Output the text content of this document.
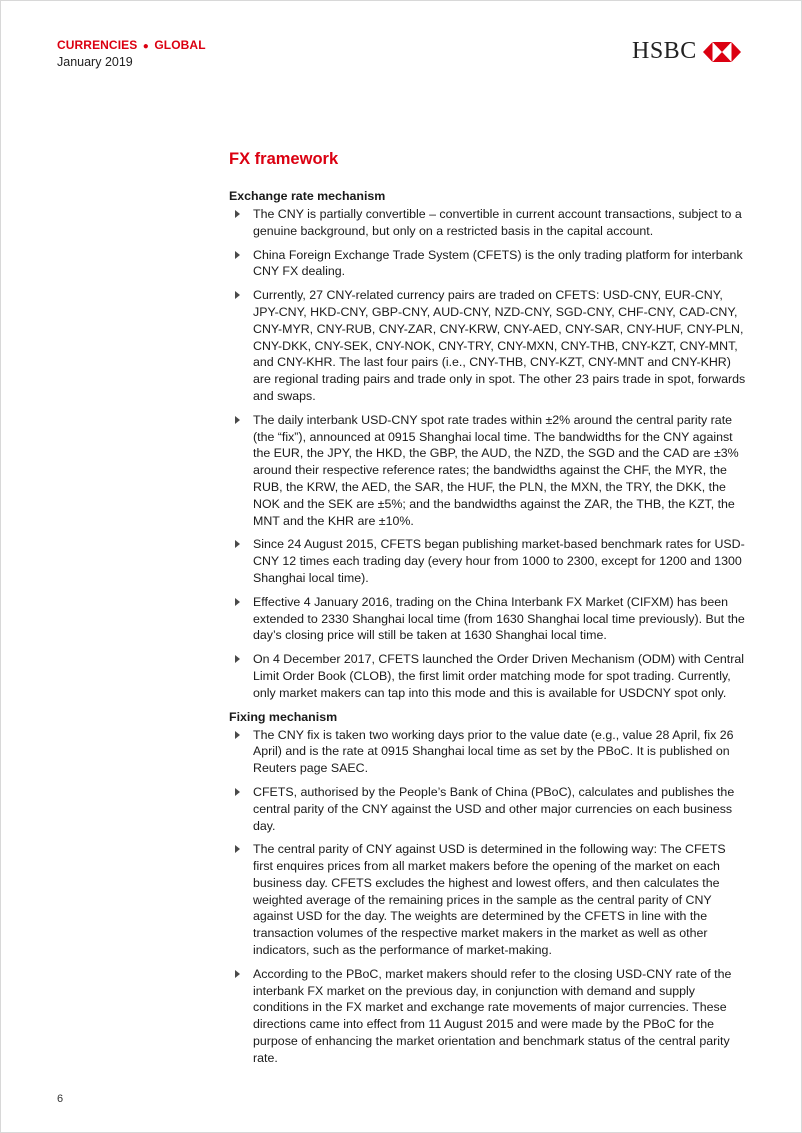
CURRENCIES ● GLOBAL
January 2019	HSBC
FX framework
Exchange rate mechanism
The CNY is partially convertible – convertible in current account transactions, subject to a genuine background, but only on a restricted basis in the capital account.
China Foreign Exchange Trade System (CFETS) is the only trading platform for interbank CNY FX dealing.
Currently, 27 CNY-related currency pairs are traded on CFETS: USD-CNY, EUR-CNY, JPY-CNY, HKD-CNY, GBP-CNY, AUD-CNY, NZD-CNY, SGD-CNY, CHF-CNY, CAD-CNY, CNY-MYR, CNY-RUB, CNY-ZAR, CNY-KRW, CNY-AED, CNY-SAR, CNY-HUF, CNY-PLN, CNY-DKK, CNY-SEK, CNY-NOK, CNY-TRY, CNY-MXN, CNY-THB, CNY-KZT, CNY-MNT, and CNY-KHR. The last four pairs (i.e., CNY-THB, CNY-KZT, CNY-MNT and CNY-KHR) are regional trading pairs and trade only in spot. The other 23 pairs trade in spot, forwards and swaps.
The daily interbank USD-CNY spot rate trades within ±2% around the central parity rate (the “fix”), announced at 0915 Shanghai local time. The bandwidths for the CNY against the EUR, the JPY, the HKD, the GBP, the AUD, the NZD, the SGD and the CAD are ±3% around their respective reference rates; the bandwidths against the CHF, the MYR, the RUB, the KRW, the AED, the SAR, the HUF, the PLN, the MXN, the TRY, the DKK, the NOK and the SEK are ±5%; and the bandwidths against the ZAR, the THB, the KZT, the MNT and the KHR are ±10%.
Since 24 August 2015, CFETS began publishing market-based benchmark rates for USD-CNY 12 times each trading day (every hour from 1000 to 2300, except for 1200 and 1300 Shanghai local time).
Effective 4 January 2016, trading on the China Interbank FX Market (CIFXM) has been extended to 2330 Shanghai local time (from 1630 Shanghai local time previously). But the day’s closing price will still be taken at 1630 Shanghai local time.
On 4 December 2017, CFETS launched the Order Driven Mechanism (ODM) with Central Limit Order Book (CLOB), the first limit order matching mode for spot trading. Currently, only market makers can tap into this mode and this is available for USDCNY spot only.
Fixing mechanism
The CNY fix is taken two working days prior to the value date (e.g., value 28 April, fix 26 April) and is the rate at 0915 Shanghai local time as set by the PBoC. It is published on Reuters page SAEC.
CFETS, authorised by the People’s Bank of China (PBoC), calculates and publishes the central parity of the CNY against the USD and other major currencies on each business day.
The central parity of CNY against USD is determined in the following way: The CFETS first enquires prices from all market makers before the opening of the market on each business day. CFETS excludes the highest and lowest offers, and then calculates the weighted average of the remaining prices in the sample as the central parity of CNY against USD for the day. The weights are determined by the CFETS in line with the transaction volumes of the respective market makers in the market as well as other indicators, such as the performance of market-making.
According to the PBoC, market makers should refer to the closing USD-CNY rate of the interbank FX market on the previous day, in conjunction with demand and supply conditions in the FX market and exchange rate movements of major currencies. These directions came into effect from 11 August 2015 and were made by the PBoC for the purpose of enhancing the market orientation and benchmark status of the central parity rate.
6
